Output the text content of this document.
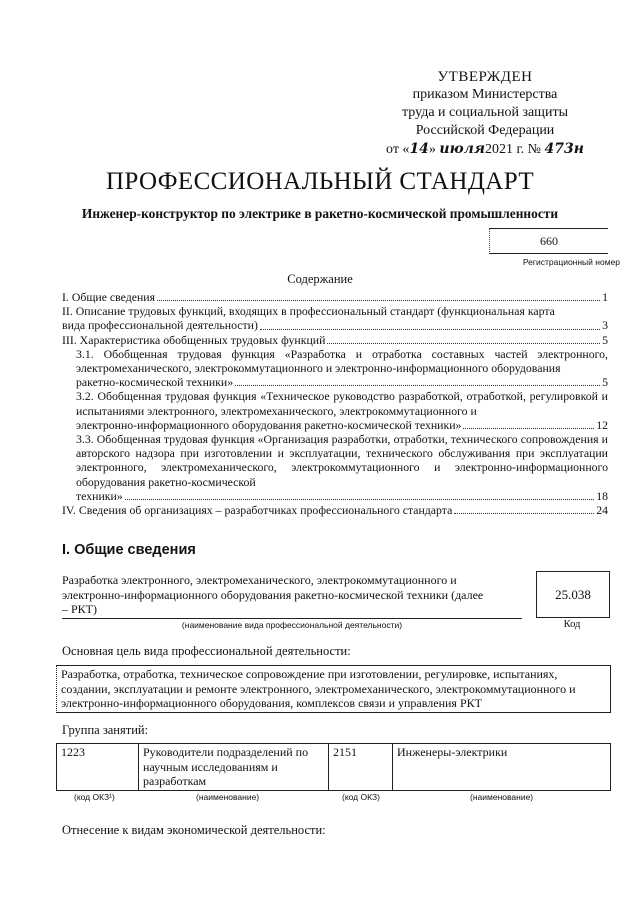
УТВЕРЖДЕН
приказом Министерства
труда и социальной защиты
Российской Федерации
от «14» июля2021 г. № 473н
ПРОФЕССИОНАЛЬНЫЙ СТАНДАРТ
Инженер-конструктор по электрике в ракетно-космической промышленности
660
Регистрационный номер
Содержание
I. Общие сведения	1
II. Описание трудовых функций, входящих в профессиональный стандарт (функциональная карта
вида профессиональной деятельности)	3
III. Характеристика обобщенных трудовых функций	5
3.1. Обобщенная трудовая функция «Разработка и отработка составных частей электронного, электромеханического, электрокоммутационного и электронно-информационного оборудования
ракетно-космической техники»	5
3.2. Обобщенная трудовая функция «Техническое руководство разработкой, отработкой, регулировкой и испытаниями электронного, электромеханического, электрокоммутационного и
электронно-информационного оборудования ракетно-космической техники»	12
3.3. Обобщенная трудовая функция «Организация разработки, отработки, технического сопровождения и авторского надзора при изготовлении и эксплуатации, технического обслуживания при эксплуатации электронного, электромеханического, электрокоммутационного и электронно-информационного оборудования ракетно-космической
техники»	18
IV. Сведения об организациях – разработчиках профессионального стандарта	24
I. Общие сведения
Разработка электронного, электромеханического, электрокоммутационного и электронно-информационного оборудования ракетно-космической техники (далее – РКТ)
25.038
(наименование вида профессиональной деятельности)	Код
Основная цель вида профессиональной деятельности:
Разработка, отработка, техническое сопровождение при изготовлении, регулировке, испытаниях, создании, эксплуатации и ремонте электронного, электромеханического, электрокоммутационного и электронно-информационного оборудования, комплексов связи и управления РКТ
Группа занятий:
1223	Руководители подразделений по научным исследованиям и разработкам	2151	Инженеры-электрики
(код ОКЗ¹)	(наименование)	(код ОКЗ)	(наименование)
Отнесение к видам экономической деятельности:
